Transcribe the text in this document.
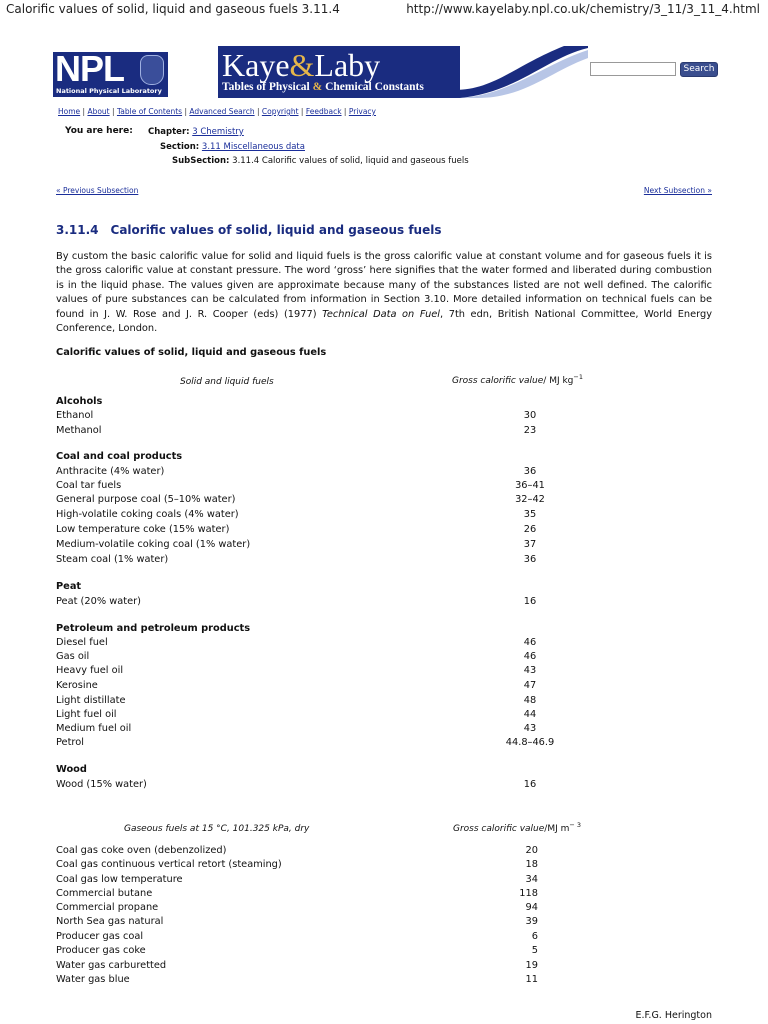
Calorific values of solid, liquid and gaseous fuels 3.11.4	http://www.kayelaby.npl.co.uk/chemistry/3_11/3_11_4.html
NPL
National Physical Laboratory
Kaye&Laby
Tables of Physical & Chemical Constants
Search
Home | About | Table of Contents | Advanced Search | Copyright | Feedback | Privacy
You are here: Chapter: 3 Chemistry
Section: 3.11 Miscellaneous data
SubSection: 3.11.4 Calorific values of solid, liquid and gaseous fuels
« Previous Subsection	Next Subsection »
3.11.4 Calorific values of solid, liquid and gaseous fuels

By custom the basic calorific value for solid and liquid fuels is the gross calorific value at constant volume and for gaseous fuels it is the gross calorific value at constant pressure. The word ‘gross’ here signifies that the water formed and liberated during combustion is in the liquid phase. The values given are approximate because many of the substances listed are not well defined. The calorific values of pure substances can be calculated from information in Section 3.10. More detailed information on technical fuels can be found in J. W. Rose and J. R. Cooper (eds) (1977) Technical Data on Fuel, 7th edn, British National Committee, World Energy Conference, London.

Calorific values of solid, liquid and gaseous fuels
Solid and liquid fuels	Gross calorific value/ MJ $kg^{-1}$
Alcohols
Ethanol	30
Methanol	23
Coal and coal products
Anthracite (4% water)	36
Coal tar fuels	36–41
General purpose coal (5–10% water)	32–42
High-volatile coking coals (4% water)	35
Low temperature coke (15% water)	26
Medium-volatile coking coal (1% water)	37
Steam coal (1% water)	36
Peat
Peat (20% water)	16
Petroleum and petroleum products
Diesel fuel	46
Gas oil	46
Heavy fuel oil	43
Kerosine	47
Light distillate	48
Light fuel oil	44
Medium fuel oil	43
Petrol	44.8–46.9
Wood
Wood (15% water)	16
Gaseous fuels at 15 °C, 101.325 kPa, dry	Gross calorific value/MJ $m^{- 3}$
Coal gas coke oven (debenzolized)	20
Coal gas continuous vertical retort (steaming)	18
Coal gas low temperature	34
Commercial butane	118
Commercial propane	94
North Sea gas natural	39
Producer gas coal	6
Producer gas coke	5
Water gas carburetted	19
Water gas blue	11
E.F.G. Herington
